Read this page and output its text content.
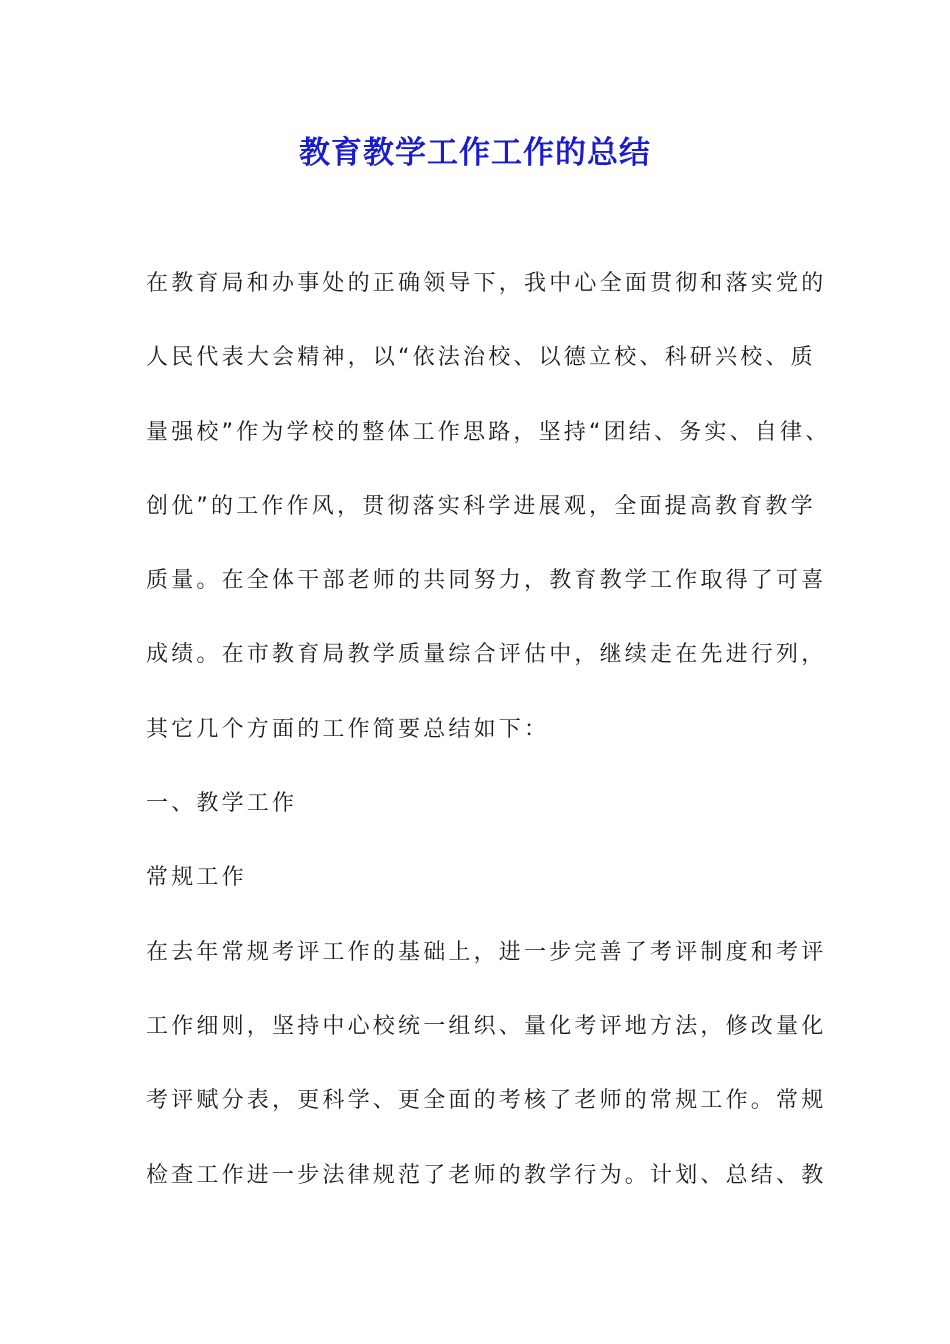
教育教学工作工作的总结
在教育局和办事处的正确领导下，我中心全面贯彻和落实党的
人民代表大会精神，以“依法治校、以德立校、科研兴校、质
量强校”作为学校的整体工作思路，坚持“团结、务实、自律、
创优”的工作作风，贯彻落实科学进展观，全面提高教育教学
质量。在全体干部老师的共同努力，教育教学工作取得了可喜
成绩。在市教育局教学质量综合评估中，继续走在先进行列，
其它几个方面的工作简要总结如下：
一、教学工作
常规工作
在去年常规考评工作的基础上，进一步完善了考评制度和考评
工作细则，坚持中心校统一组织、量化考评地方法，修改量化
考评赋分表，更科学、更全面的考核了老师的常规工作。常规
检查工作进一步法律规范了老师的教学行为。计划、总结、教
